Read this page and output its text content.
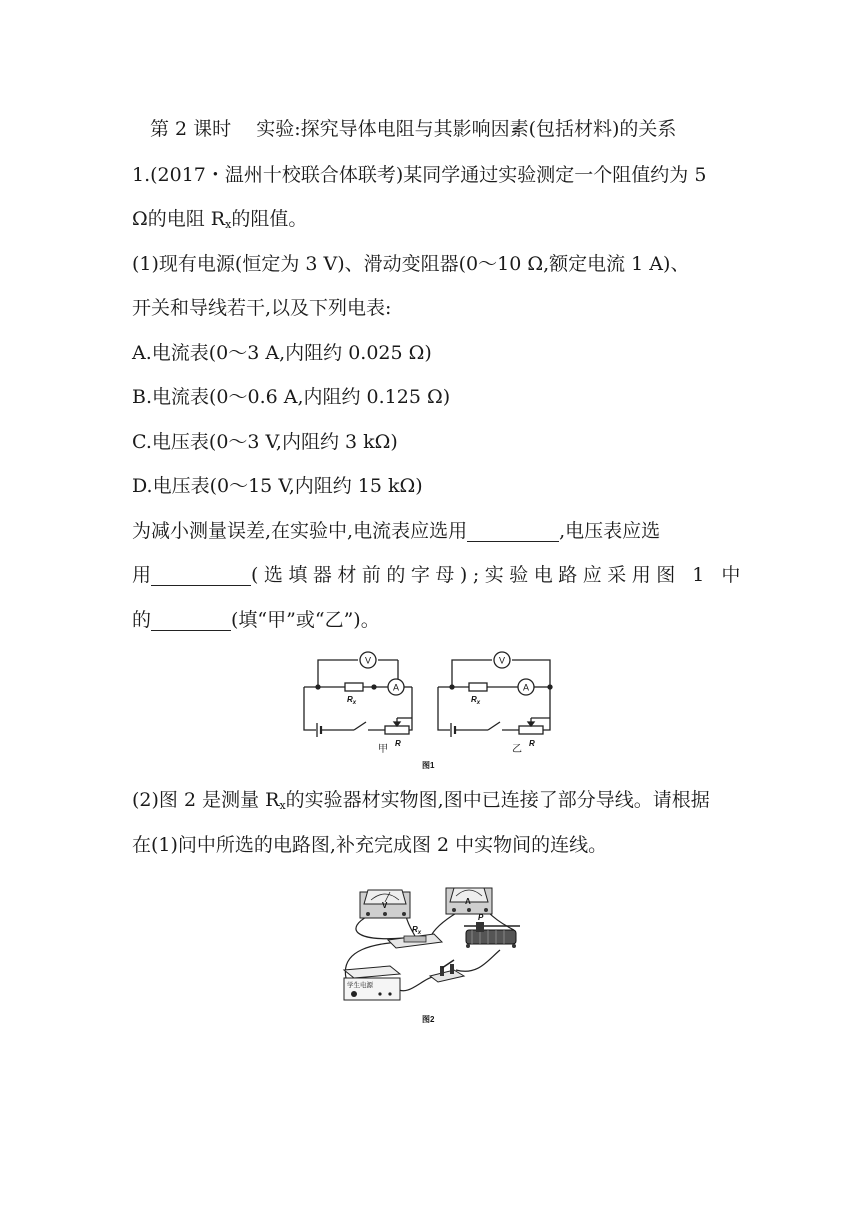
第 2 课时　 实验:探究导体电阻与其影响因素(包括材料)的关系
1.(2017・温州十校联合体联考)某同学通过实验测定一个阻值约为 5
Ω的电阻 $R_x$的阻值。
(1)现有电源(恒定为 3 V)、滑动变阻器(0～10 Ω,额定电流 1 A)、
开关和导线若干,以及下列电表:
A.电流表(0～3 A,内阻约 0.025 Ω)
B.电流表(0～0.6 A,内阻约 0.125 Ω)
C.电压表(0～3 V,内阻约 3 kΩ)
D.电压表(0～15 V,内阻约 15 kΩ)
为减小测量误差,在实验中,电流表应选用	,电压表应选
用	(选填器材前的字母);实验电路应采用图 1 中
的	(填“甲”或“乙”)。
V
A
$R_x$
R
甲
V
A
$R_x$
R
乙
图1
(2)图 2 是测量 $R_x$的实验器材实物图,图中已连接了部分导线。请根据
在(1)问中所选的电路图,补充完成图 2 中实物间的连线。
V	A
$R_x$
P
学生电源
图2
